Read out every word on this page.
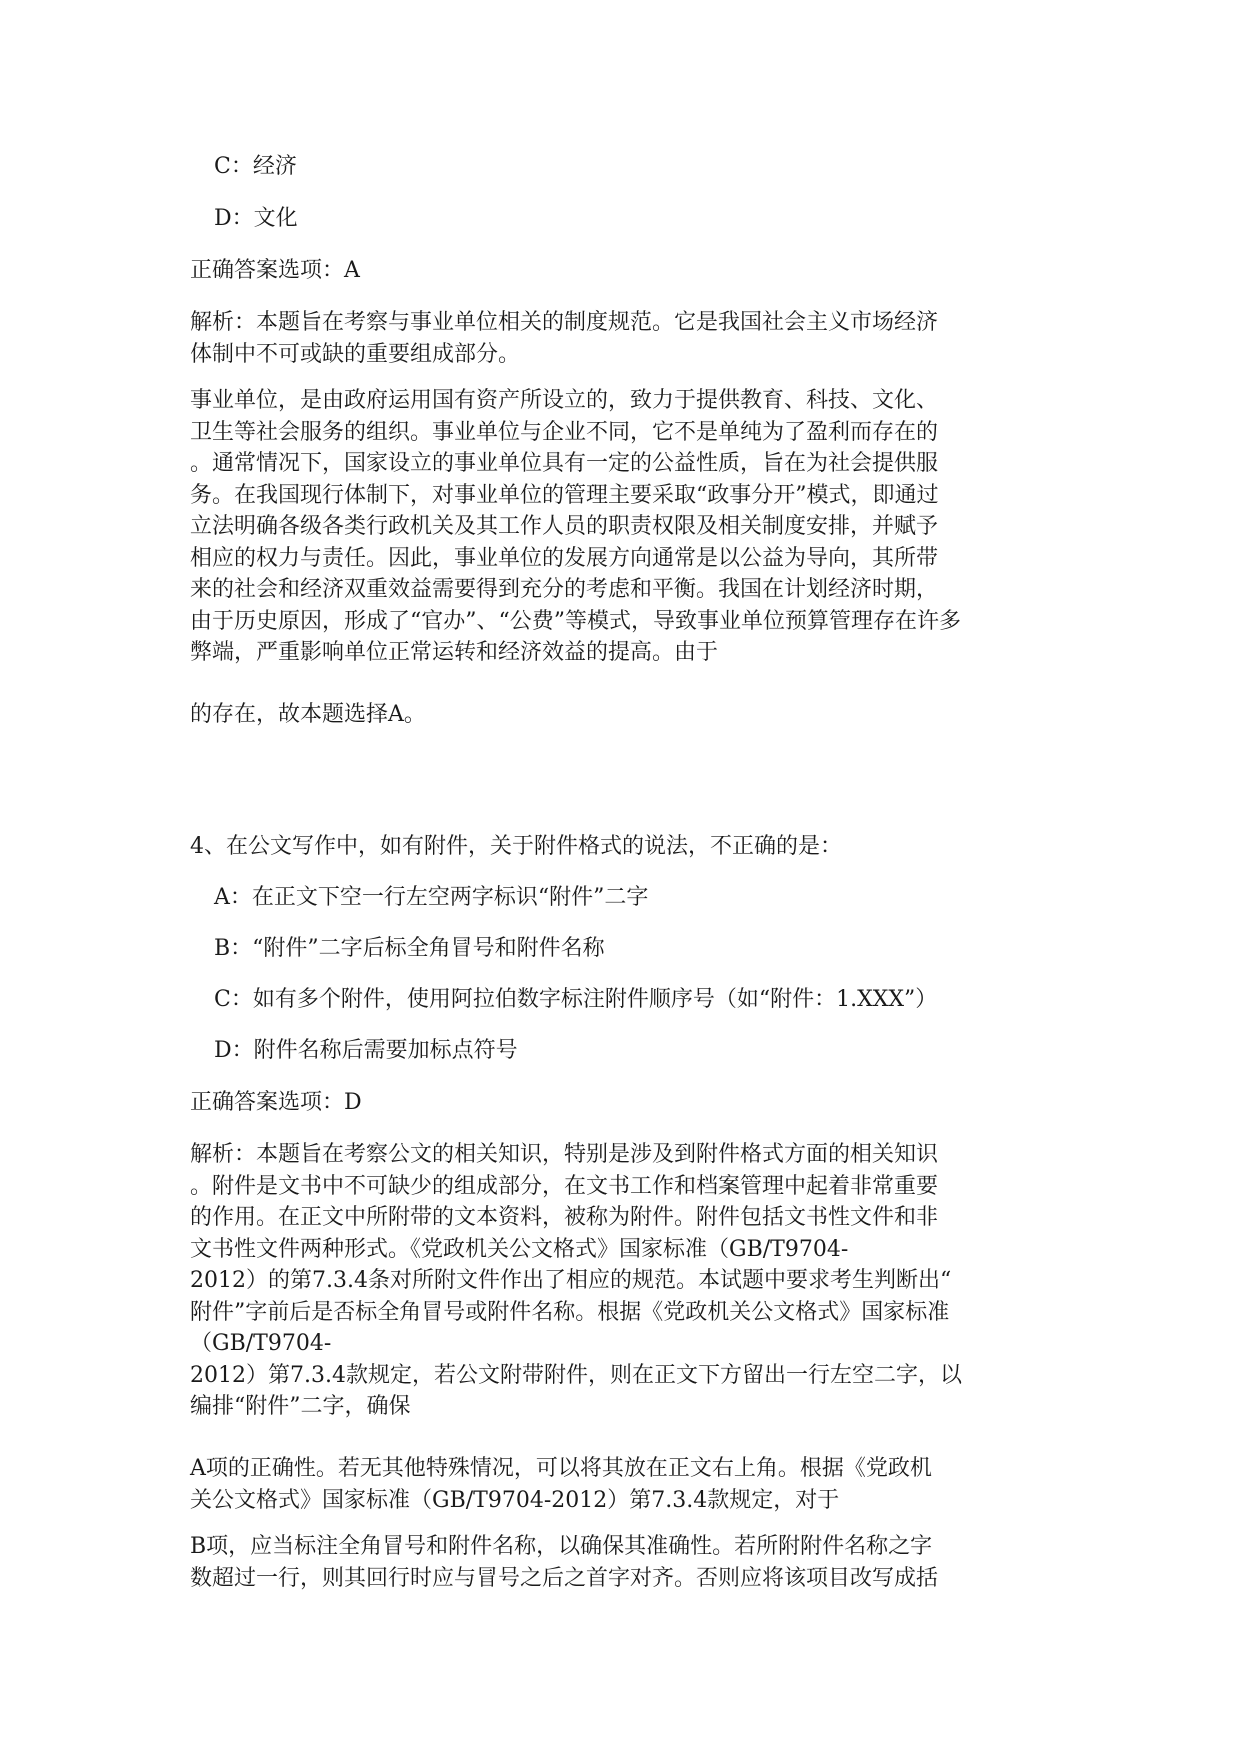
C：经济

D：文化

正确答案选项：A

解析：本题旨在考察与事业单位相关的制度规范。它是我国社会主义市场经济
体制中不可或缺的重要组成部分。
事业单位，是由政府运用国有资产所设立的，致力于提供教育、科技、文化、
卫生等社会服务的组织。事业单位与企业不同，它不是单纯为了盈利而存在的
。通常情况下，国家设立的事业单位具有一定的公益性质，旨在为社会提供服
务。在我国现行体制下，对事业单位的管理主要采取“政事分开”模式，即通过
立法明确各级各类行政机关及其工作人员的职责权限及相关制度安排，并赋予
相应的权力与责任。因此，事业单位的发展方向通常是以公益为导向，其所带
来的社会和经济双重效益需要得到充分的考虑和平衡。我国在计划经济时期，
由于历史原因，形成了“官办”、“公费”等模式，导致事业单位预算管理存在许多
弊端，严重影响单位正常运转和经济效益的提高。由于

的存在，故本题选择A。

4、在公文写作中，如有附件，关于附件格式的说法，不正确的是：

A：在正文下空一行左空两字标识“附件”二字

B：“附件”二字后标全角冒号和附件名称

C：如有多个附件，使用阿拉伯数字标注附件顺序号（如“附件：1.XXX”）

D：附件名称后需要加标点符号

正确答案选项：D

解析：本题旨在考察公文的相关知识，特别是涉及到附件格式方面的相关知识
。附件是文书中不可缺少的组成部分，在文书工作和档案管理中起着非常重要
的作用。在正文中所附带的文本资料，被称为附件。附件包括文书性文件和非
文书性文件两种形式。《党政机关公文格式》国家标准（GB/T9704-
2012）的第7.3.4条对所附文件作出了相应的规范。本试题中要求考生判断出“
附件”字前后是否标全角冒号或附件名称。根据《党政机关公文格式》国家标准
（GB/T9704-
2012）第7.3.4款规定，若公文附带附件，则在正文下方留出一行左空二字，以
编排“附件”二字，确保
A项的正确性。若无其他特殊情况，可以将其放在正文右上角。根据《党政机
关公文格式》国家标准（GB/T9704-2012）第7.3.4款规定，对于
B项，应当标注全角冒号和附件名称，以确保其准确性。若所附附件名称之字
数超过一行，则其回行时应与冒号之后之首字对齐。否则应将该项目改写成括
